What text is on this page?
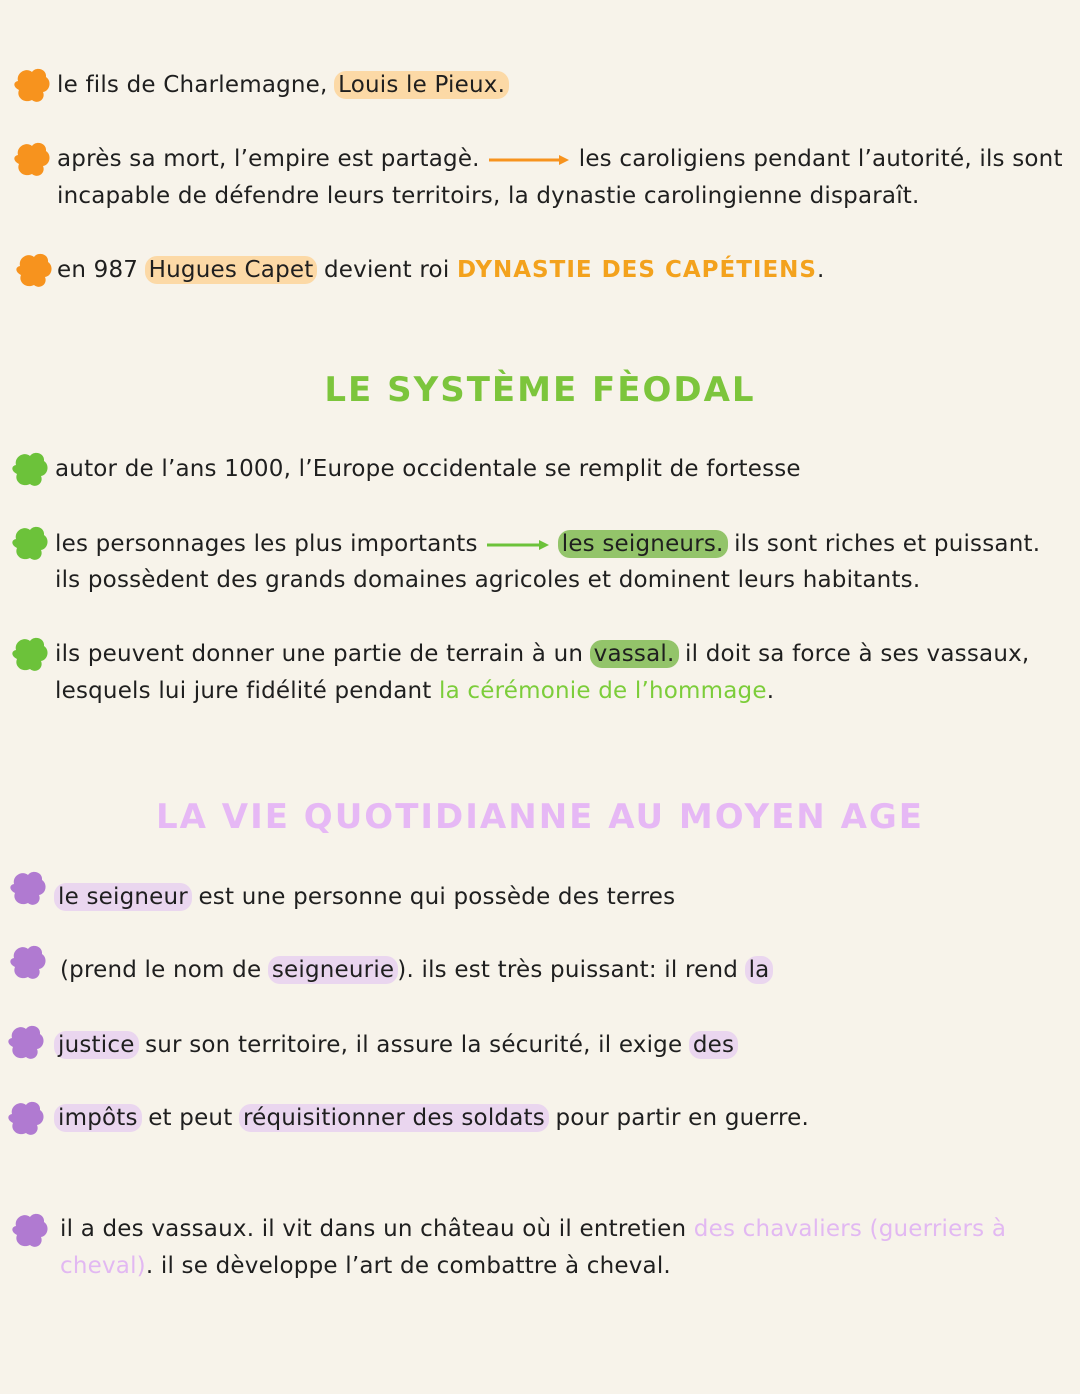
le fils de Charlemagne, Louis le Pieux.
après sa mort, l’empire est partagè.	les caroligiens pendant l’autorité, ils sont
incapable de défendre leurs territoirs, la dynastie carolingienne disparaît.
en 987 Hugues Capet devient roi DYNASTIE DES CAPÉTIENS.
LE SYSTÈME FÈODAL
autor de l’ans 1000, l’Europe occidentale se remplit de fortesse
les personnages les plus importants	les seigneurs. ils sont riches et puissant.
ils possèdent des grands domaines agricoles et dominent leurs habitants.
ils peuvent donner une partie de terrain à un vassal. il doit sa force à ses vassaux,
lesquels lui jure fidélité pendant la cérémonie de l’hommage.
LA VIE QUOTIDIANNE AU MOYEN AGE
le seigneur est une personne qui possède des terres
(prend le nom de seigneurie ). ils est très puissant: il rend la
justice sur son territoire, il assure la sécurité, il exige des
impôts et peut réquisitionner des soldats pour partir en guerre.
il a des vassaux. il vit dans un château où il entretien des chavaliers (guerriers à
cheval). il se dèveloppe l’art de combattre à cheval.
